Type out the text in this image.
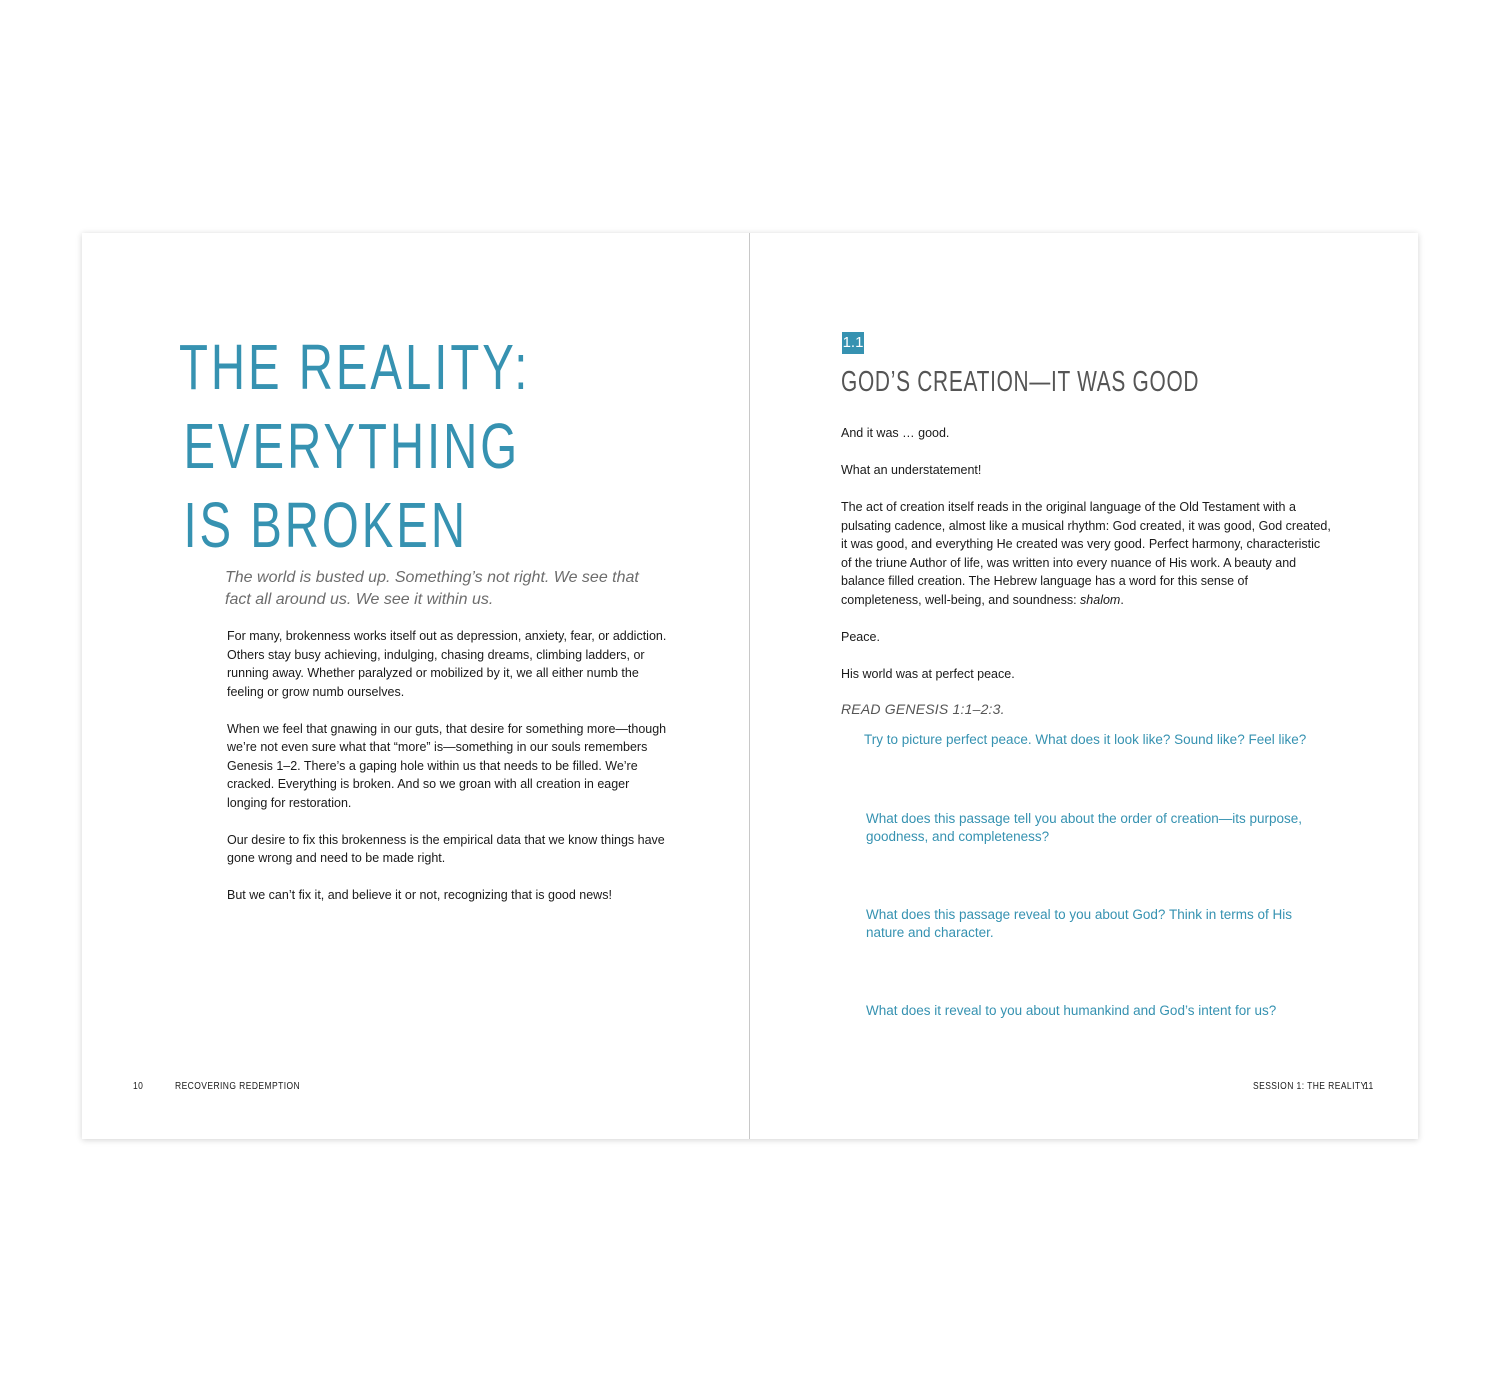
THE REALITY:
EVERYTHING
IS BROKEN

The world is busted up. Something’s not right. We see that fact all around us. We see it within us.

For many, brokenness works itself out as depression, anxiety, fear, or addiction. Others stay busy achieving, indulging, chasing dreams, climbing ladders, or running away. Whether paralyzed or mobilized by it, we all either numb the feeling or grow numb ourselves.

When we feel that gnawing in our guts, that desire for something more—though we’re not even sure what that “more” is—something in our souls remembers Genesis 1–2. There’s a gaping hole within us that needs to be filled. We’re cracked. Everything is broken. And so we groan with all creation in eager longing for restoration.

Our desire to fix this brokenness is the empirical data that we know things have gone wrong and need to be made right.

But we can’t fix it, and believe it or not, recognizing that is good news!

10	RECOVERING REDEMPTION
1.1
GOD’S CREATION—IT WAS GOOD

And it was … good.

What an understatement!

The act of creation itself reads in the original language of the Old Testament with a pulsating cadence, almost like a musical rhythm: God created, it was good, God created, it was good, and everything He created was very good. Perfect harmony, characteristic of the triune Author of life, was written into every nuance of His work. A beauty and balance filled creation. The Hebrew language has a word for this sense of completeness, well-being, and soundness: shalom.

Peace.

His world was at perfect peace.

READ GENESIS 1:1–2:3.

Try to picture perfect peace. What does it look like? Sound like? Feel like?

What does this passage tell you about the order of creation—its purpose, goodness, and completeness?

What does this passage reveal to you about God? Think in terms of His nature and character.

What does it reveal to you about humankind and God’s intent for us?

SESSION 1: THE REALITY
11
